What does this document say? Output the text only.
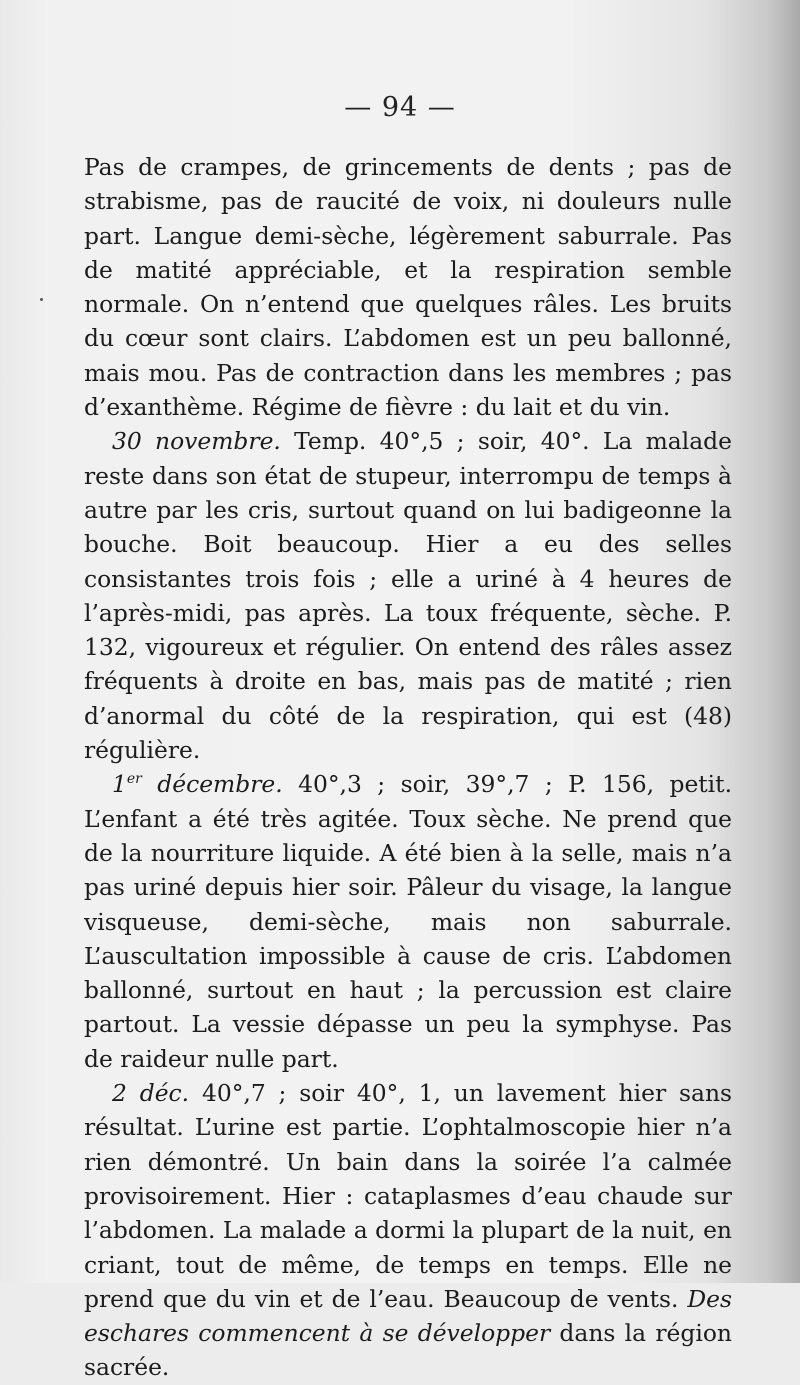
— 94 —

Pas de crampes, de grincements de dents ; pas de strabisme, pas de raucité de voix, ni douleurs nulle part. Langue demi-sèche, légèrement saburrale. Pas de matité appréciable, et la respiration semble normale. On n’entend que quelques râles. Les bruits du cœur sont clairs. L’abdomen est un peu ballonné, mais mou. Pas de contraction dans les membres ; pas d’exanthème. Régime de fièvre : du lait et du vin.

30 novembre. Temp. 40°,5 ; soir, 40°. La malade reste dans son état de stupeur, interrompu de temps à autre par les cris, surtout quand on lui badigeonne la bouche. Boit beaucoup. Hier a eu des selles consistantes trois fois ; elle a uriné à 4 heures de l’après-midi, pas après. La toux fréquente, sèche. P. 132, vigoureux et régulier. On entend des râles assez fréquents à droite en bas, mais pas de matité ; rien d’anormal du côté de la respiration, qui est (48) régulière.

1er décembre. 40°,3 ; soir, 39°,7 ; P. 156, petit. L’enfant a été très agitée. Toux sèche. Ne prend que de la nourriture liquide. A été bien à la selle, mais n’a pas uriné depuis hier soir. Pâleur du visage, la langue visqueuse, demi-sèche, mais non saburrale. L’auscultation impossible à cause de cris. L’abdomen ballonné, surtout en haut ; la percussion est claire partout. La vessie dépasse un peu la symphyse. Pas de raideur nulle part.

2 déc. 40°,7 ; soir 40°, 1, un lavement hier sans résultat. L’urine est partie. L’ophtalmoscopie hier n’a rien démontré. Un bain dans la soirée l’a calmée provisoirement. Hier : cataplasmes d’eau chaude sur l’abdomen. La malade a dormi la plupart de la nuit, en criant, tout de même, de temps en temps. Elle ne prend que du vin et de l’eau. Beaucoup de vents. Des eschares commencent à se développer dans la région sacrée.
